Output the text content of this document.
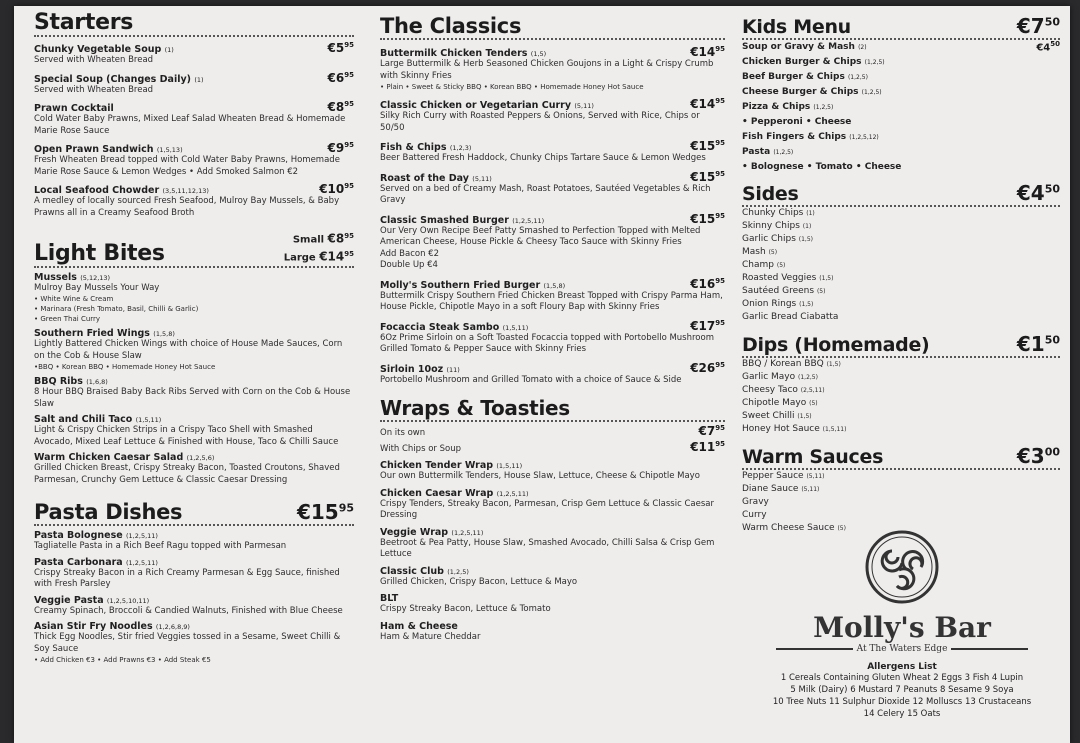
Starters
Chunky Vegetable Soup (1)	$€5^{95}$
Served with Wheaten Bread
Special Soup (Changes Daily) (1)	$€6^{95}$
Served with Wheaten Bread
Prawn Cocktail	$€8^{95}$
Cold Water Baby Prawns, Mixed Leaf Salad Wheaten Bread & Homemade Marie Rose Sauce
Open Prawn Sandwich (1,5,13)	$€9^{95}$
Fresh Wheaten Bread topped with Cold Water Baby Prawns, Homemade Marie Rose Sauce & Lemon Wedges • Add Smoked Salmon €2
Local Seafood Chowder (3,5,11,12,13)	$€10^{95}$
A medley of locally sourced Fresh Seafood, Mulroy Bay Mussels, & Baby Prawns all in a Creamy Seafood Broth
Light Bites
Small $€8^{95}$
Large $€14^{95}$
Mussels (5,12,13)
Mulroy Bay Mussels Your Way
• White Wine & Cream
• Marinara (Fresh Tomato, Basil, Chilli & Garlic)
• Green Thai Curry
Southern Fried Wings (1,5,8)
Lightly Battered Chicken Wings with choice of House Made Sauces, Corn on the Cob & House Slaw
•BBQ • Korean BBQ • Homemade Honey Hot Sauce
BBQ Ribs (1,6,8)
8 Hour BBQ Braised Baby Back Ribs Served with Corn on the Cob & House Slaw
Salt and Chili Taco (1,5,11)
Light & Crispy Chicken Strips in a Crispy Taco Shell with Smashed Avocado, Mixed Leaf Lettuce & Finished with House, Taco & Chilli Sauce
Warm Chicken Caesar Salad (1,2,5,6)
Grilled Chicken Breast, Crispy Streaky Bacon, Toasted Croutons, Shaved Parmesan, Crunchy Gem Lettuce & Classic Caesar Dressing
Pasta Dishes	$€15^{95}$
Pasta Bolognese (1,2,5,11)
Tagliatelle Pasta in a Rich Beef Ragu topped with Parmesan
Pasta Carbonara (1,2,5,11)
Crispy Streaky Bacon in a Rich Creamy Parmesan & Egg Sauce, finished with Fresh Parsley
Veggie Pasta (1,2,5,10,11)
Creamy Spinach, Broccoli & Candied Walnuts, Finished with Blue Cheese
Asian Stir Fry Noodles (1,2,6,8,9)
Thick Egg Noodles, Stir fried Veggies tossed in a Sesame, Sweet Chilli & Soy Sauce
• Add Chicken €3 • Add Prawns €3 • Add Steak €5
The Classics
Buttermilk Chicken Tenders (1,5)	$€14^{95}$
Large Buttermilk & Herb Seasoned Chicken Goujons in a Light & Crispy Crumb with Skinny Fries
• Plain • Sweet & Sticky BBQ • Korean BBQ • Homemade Honey Hot Sauce
Classic Chicken or Vegetarian Curry (5,11)	$€14^{95}$
Silky Rich Curry with Roasted Peppers & Onions, Served with Rice, Chips or 50/50
Fish & Chips (1,2,3)	$€15^{95}$
Beer Battered Fresh Haddock, Chunky Chips Tartare Sauce & Lemon Wedges
Roast of the Day (5,11)	$€15^{95}$
Served on a bed of Creamy Mash, Roast Potatoes, Sautéed Vegetables & Rich Gravy
Classic Smashed Burger (1,2,5,11)	$€15^{95}$
Our Very Own Recipe Beef Patty Smashed to Perfection Topped with Melted American Cheese, House Pickle & Cheesy Taco Sauce with Skinny Fries
Add Bacon €2
Double Up €4
Molly's Southern Fried Burger (1,5,8)	$€16^{95}$
Buttermilk Crispy Southern Fried Chicken Breast Topped with Crispy Parma Ham, House Pickle, Chipotle Mayo in a soft Floury Bap with Skinny Fries
Focaccia Steak Sambo (1,5,11)	$€17^{95}$
6Oz Prime Sirloin on a Soft Toasted Focaccia topped with Portobello Mushroom Grilled Tomato & Pepper Sauce with Skinny Fries
Sirloin 10oz (11)	$€26^{95}$
Portobello Mushroom and Grilled Tomato with a choice of Sauce & Side
Wraps & Toasties
On its own	$€7^{95}$
With Chips or Soup	$€11^{95}$
Chicken Tender Wrap (1,5,11)
Our own Buttermilk Tenders, House Slaw, Lettuce, Cheese & Chipotle Mayo
Chicken Caesar Wrap (1,2,5,11)
Crispy Tenders, Streaky Bacon, Parmesan, Crisp Gem Lettuce & Classic Caesar Dressing
Veggie Wrap (1,2,5,11)
Beetroot & Pea Patty, House Slaw, Smashed Avocado, Chilli Salsa & Crisp Gem Lettuce
Classic Club (1,2,5)
Grilled Chicken, Crispy Bacon, Lettuce & Mayo
BLT
Crispy Streaky Bacon, Lettuce & Tomato
Ham & Cheese
Ham & Mature Cheddar
Kids Menu	$€7^{50}$
$€4^{50}$
Soup or Gravy & Mash (2)
Chicken Burger & Chips (1,2,5)
Beef Burger & Chips (1,2,5)
Cheese Burger & Chips (1,2,5)
Pizza & Chips (1,2,5)
• Pepperoni • Cheese
Fish Fingers & Chips (1,2,5,12)
Pasta (1,2,5)
• Bolognese • Tomato • Cheese
Sides	$€4^{50}$
Chunky Chips (1)
Skinny Chips (1)
Garlic Chips (1,5)
Mash (5)
Champ (5)
Roasted Veggies (1,5)
Sautéed Greens (5)
Onion Rings (1,5)
Garlic Bread Ciabatta
Dips (Homemade)	$€1^{50}$
BBQ / Korean BBQ (1,5)
Garlic Mayo (1,2,5)
Cheesy Taco (2,5,11)
Chipotle Mayo (5)
Sweet Chilli (1,5)
Honey Hot Sauce (1,5,11)
Warm Sauces	$€3^{00}$
Pepper Sauce (5,11)
Diane Sauce (5,11)
Gravy
Curry
Warm Cheese Sauce (5)
Molly's Bar
At The Waters Edge
Allergens List
1 Cereals Containing Gluten Wheat 2 Eggs 3 Fish 4 Lupin
5 Milk (Dairy) 6 Mustard 7 Peanuts 8 Sesame 9 Soya
10 Tree Nuts 11 Sulphur Dioxide 12 Molluscs 13 Crustaceans
14 Celery 15 Oats
